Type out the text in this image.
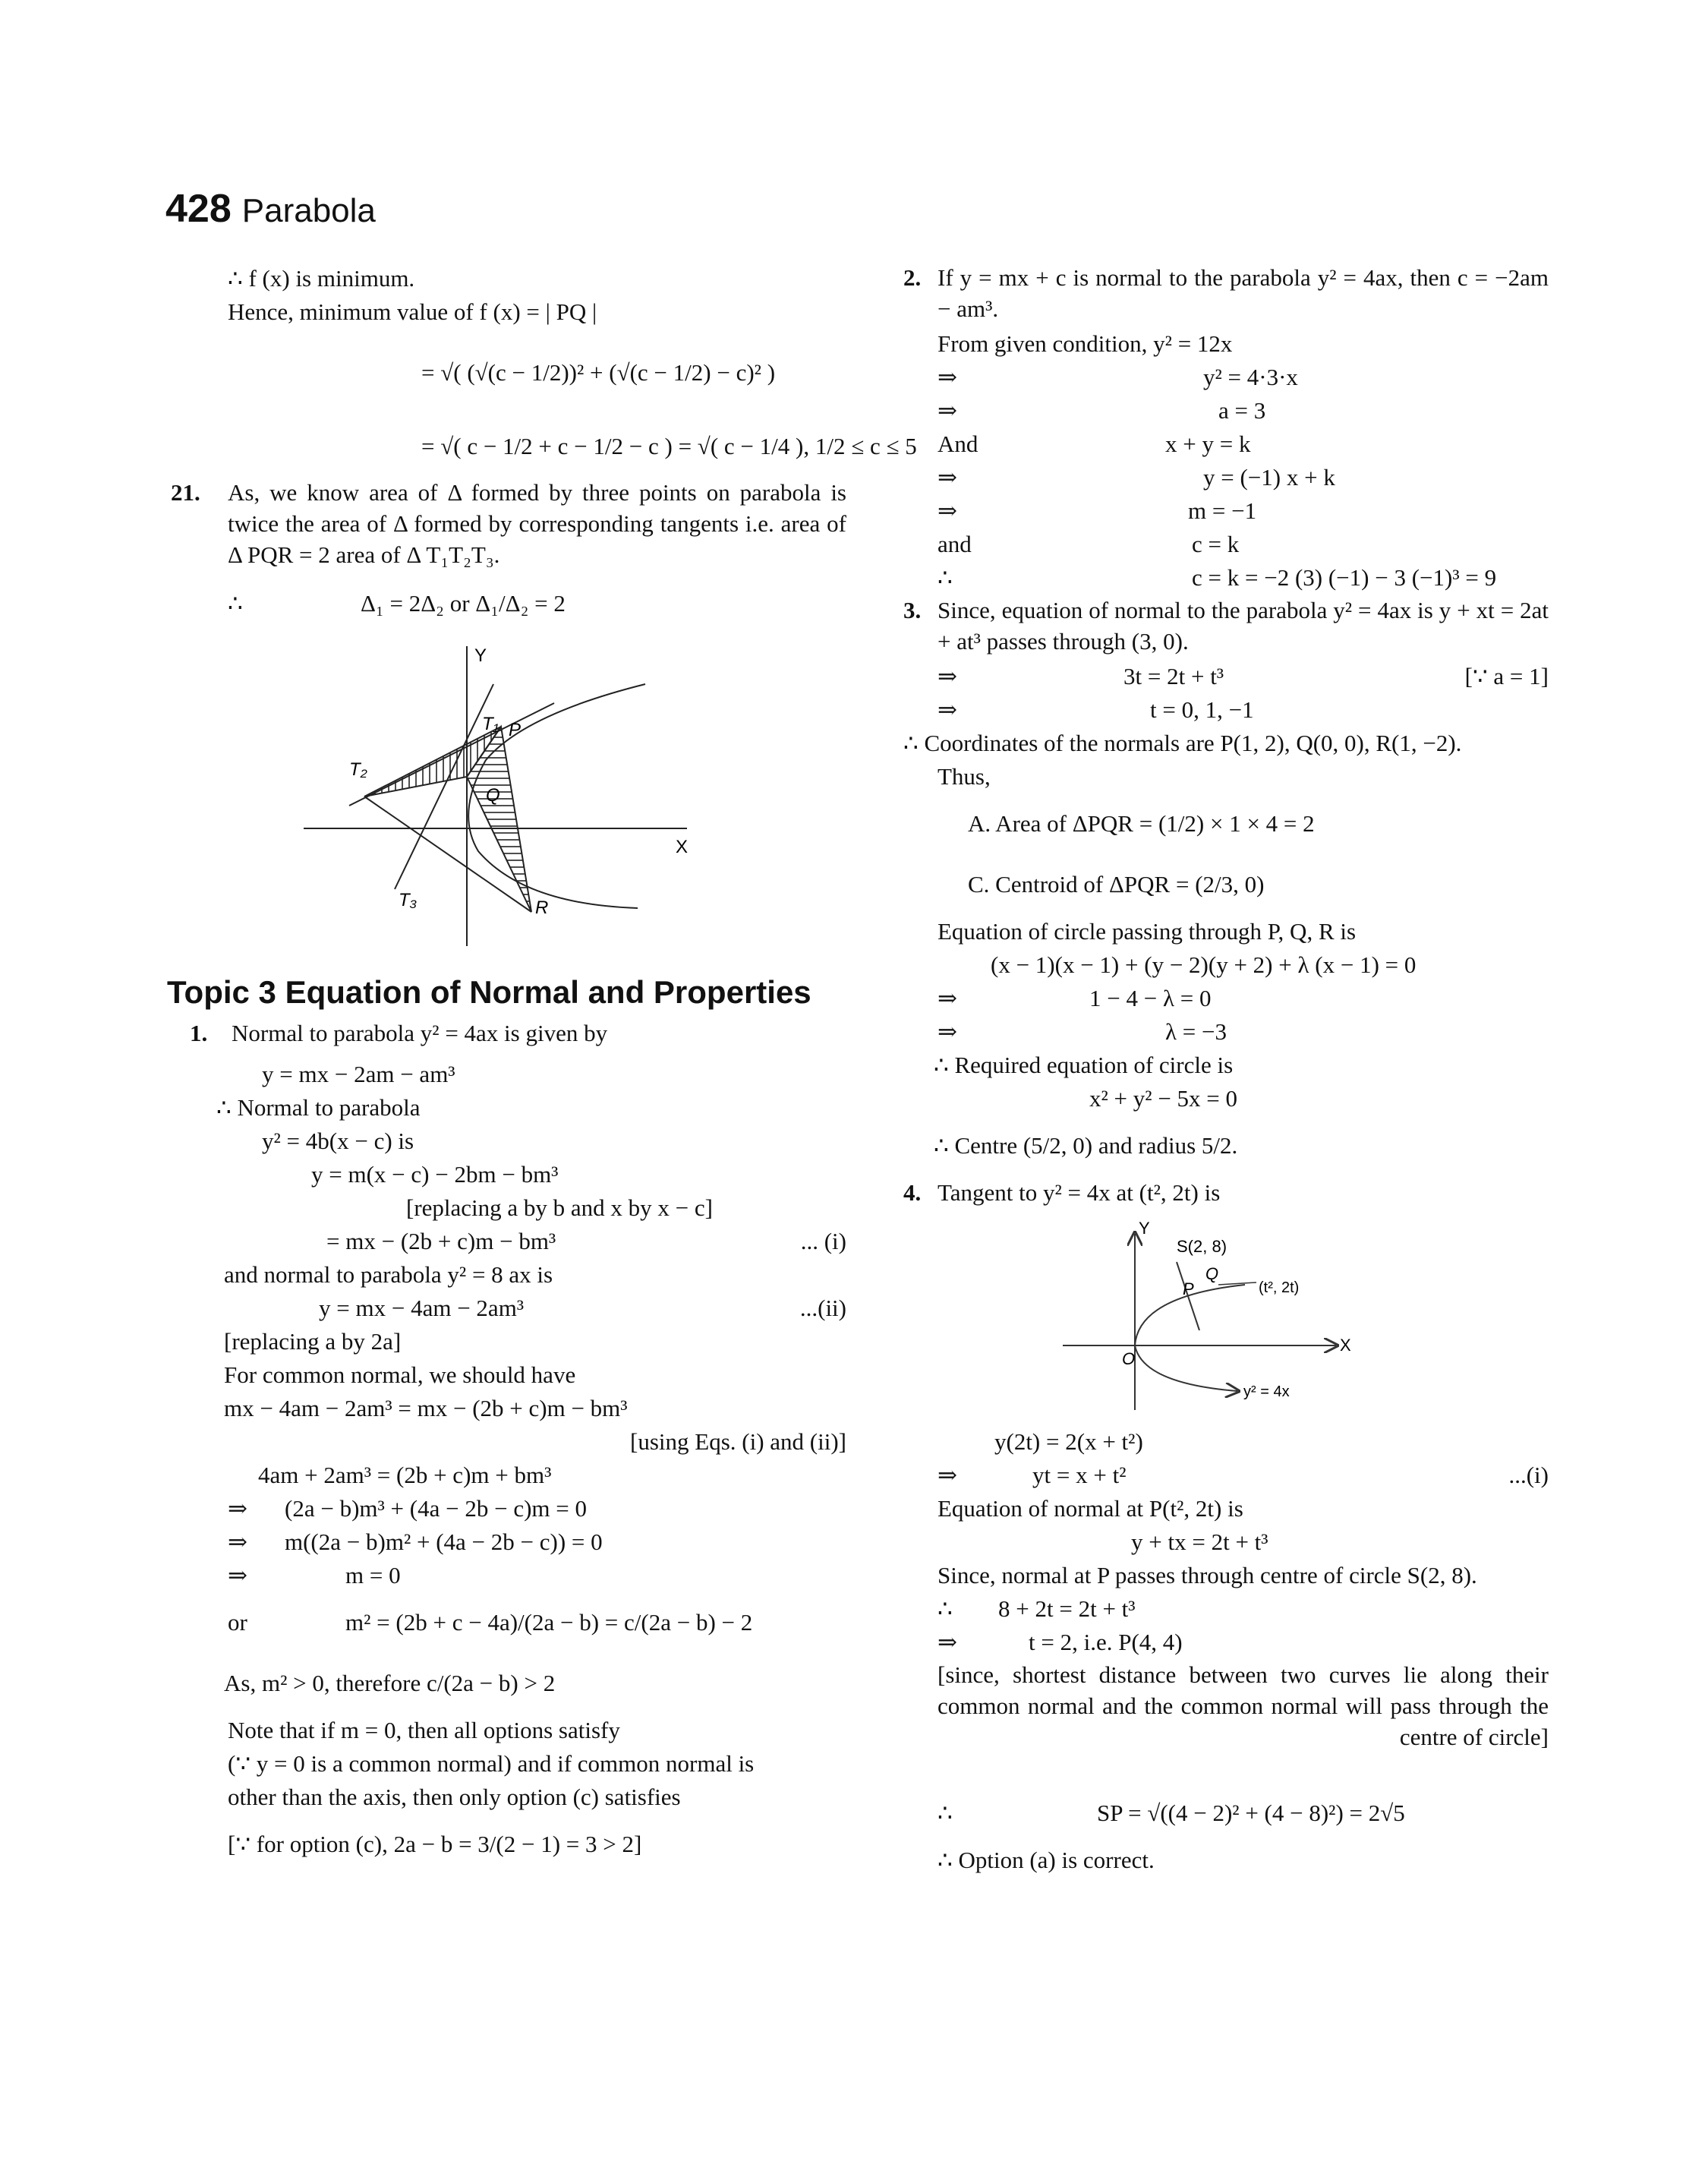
428 Parabola
∴ f (x) is minimum.
Hence, minimum value of f (x) = | PQ |
= √( (√(c − 1/2))² + (√(c − 1/2) − c)² )
= √( c − 1/2 + c − 1/2 − c ) = √( c − 1/4 ), 1/2 ≤ c ≤ 5
21. As, we know area of Δ formed by three points on parabola is twice the area of Δ formed by corresponding tangents i.e. area of Δ PQR = 2 area of Δ T₁T₂T₃.
∴	Δ₁ = 2Δ₂ or Δ₁/Δ₂ = 2
Y
X
T₁
T₂
T₃
P
Q
R
Topic 3 Equation of Normal and Properties
1. Normal to parabola y² = 4ax is given by
y = mx − 2am − am³
∴ Normal to parabola
y² = 4b(x − c) is
y = m(x − c) − 2bm − bm³
[replacing a by b and x by x − c]
= mx − (2b + c)m − bm³	... (i)
and normal to parabola y² = 8 ax is
y = mx − 4am − 2am³	...(ii)
[replacing a by 2a]
For common normal, we should have
mx − 4am − 2am³ = mx − (2b + c)m − bm³
[using Eqs. (i) and (ii)]
4am + 2am³ = (2b + c)m + bm³
⇒ (2a − b)m³ + (4a − 2b − c)m = 0
⇒ m((2a − b)m² + (4a − 2b − c)) = 0
⇒	m = 0
or	m² = (2b + c − 4a)/(2a − b) = c/(2a − b) − 2
As, m² > 0, therefore c/(2a − b) > 2
Note that if m = 0, then all options satisfy
(∵ y = 0 is a common normal) and if common normal is
other than the axis, then only option (c) satisfies
[∵ for option (c), 2a − b = 3/(2 − 1) = 3 > 2]
2. If y = mx + c is normal to the parabola y² = 4ax, then c = −2am − am³.
From given condition, y² = 12x
⇒	y² = 4·3·x
⇒	a = 3
And	x + y = k
⇒	y = (−1) x + k
⇒	m = −1
and	c = k
∴	c = k = −2 (3) (−1) − 3 (−1)³ = 9
3. Since, equation of normal to the parabola y² = 4ax is y + xt = 2at + at³ passes through (3, 0).
⇒	3t = 2t + t³	[∵ a = 1]
⇒	t = 0, 1, −1
∴ Coordinates of the normals are P(1, 2), Q(0, 0), R(1, −2).
Thus,
A. Area of ΔPQR = (1/2) × 1 × 4 = 2
C. Centroid of ΔPQR = (2/3, 0)
Equation of circle passing through P, Q, R is
(x − 1)(x − 1) + (y − 2)(y + 2) + λ (x − 1) = 0
⇒	1 − 4 − λ = 0
⇒	λ = −3
∴ Required equation of circle is
x² + y² − 5x = 0
∴ Centre (5/2, 0) and radius 5/2.
4. Tangent to y² = 4x at (t², 2t) is
Y
X
S(2, 8)
Q
P	(t², 2t)
O
y² = 4x
y(2t) = 2(x + t²)
⇒	yt = x + t²	...(i)
Equation of normal at P(t², 2t) is
y + tx = 2t + t³
Since, normal at P passes through centre of circle S(2, 8).
∴ 8 + 2t = 2t + t³
⇒	t = 2, i.e. P(4, 4)
[since, shortest distance between two curves lie along their common normal and the common normal will pass through the centre of circle]
∴	SP = √((4 − 2)² + (4 − 8)²) = 2√5
∴ Option (a) is correct.
